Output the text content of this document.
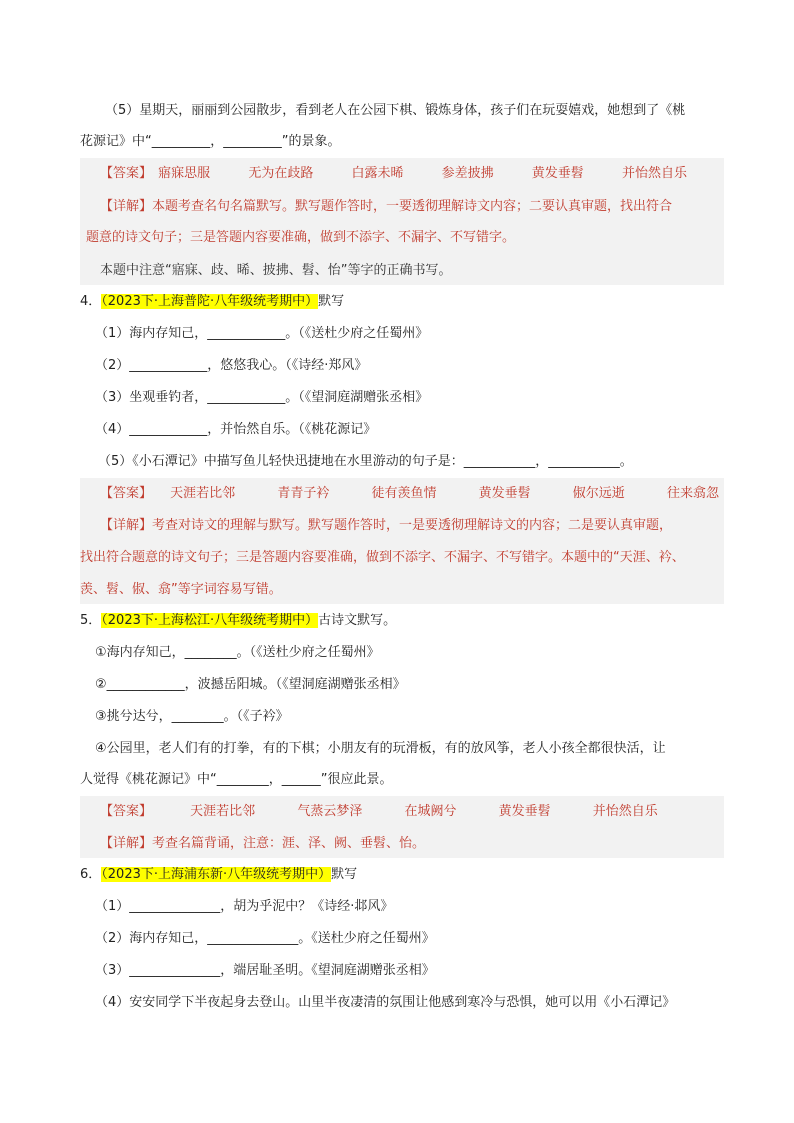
（5）星期天，丽丽到公园散步，看到老人在公园下棋、锻炼身体，孩子们在玩耍嬉戏，她想到了《桃
花源记》中“_________，_________”的景象。
【答案】 寤寐思服	无为在歧路	白露未晞	参差披拂	黄发垂髫	并怡然自乐
【详解】本题考查名句名篇默写。默写题作答时，一要透彻理解诗文内容；二要认真审题，找出符合
题意的诗文句子；三是答题内容要准确，做到不添字、不漏字、不写错字。
本题中注意“寤寐、歧、晞、披拂、髫、怡”等字的正确书写。
4．（2023下·上海普陀·八年级统考期中）默写
（1）海内存知己，____________。（《送杜少府之任蜀州》
（2）____________，悠悠我心。（《诗经·郑风》
（3）坐观垂钓者，____________。（《望洞庭湖赠张丞相》
（4）____________，并怡然自乐。（《桃花源记》
（5）《小石潭记》中描写鱼儿轻快迅捷地在水里游动的句子是：___________，___________。
【答案】 天涯若比邻	青青子衿	徒有羡鱼情	黄发垂髫	俶尔远逝	往来翕忽
【详解】考查对诗文的理解与默写。默写题作答时，一是要透彻理解诗文的内容；二是要认真审题，
找出符合题意的诗文句子；三是答题内容要准确，做到不添字、不漏字、不写错字。本题中的“天涯、衿、
羡、髫、俶、翕”等字词容易写错。
5．（2023下·上海松江·八年级统考期中）古诗文默写。
①海内存知己，________。（《送杜少府之任蜀州》
②____________，波撼岳阳城。（《望洞庭湖赠张丞相》
③挑兮达兮，________。（《子衿》
④公园里，老人们有的打拳，有的下棋；小朋友有的玩滑板，有的放风筝，老人小孩全都很快活，让
人觉得《桃花源记》中“________，______”很应此景。
【答案】	天涯若比邻	气蒸云梦泽	在城阙兮	黄发垂髫	并怡然自乐
【详解】考查名篇背诵，注意：涯、泽、阙、垂髫、怡。
6．（2023下·上海浦东新·八年级统考期中）默写
（1）______________，胡为乎泥中？《诗经·邶风》
（2）海内存知己，______________。《送杜少府之任蜀州》
（3）______________，端居耻圣明。《望洞庭湖赠张丞相》
（4）安安同学下半夜起身去登山。山里半夜凄清的氛围让他感到寒冷与恐惧，她可以用《小石潭记》
